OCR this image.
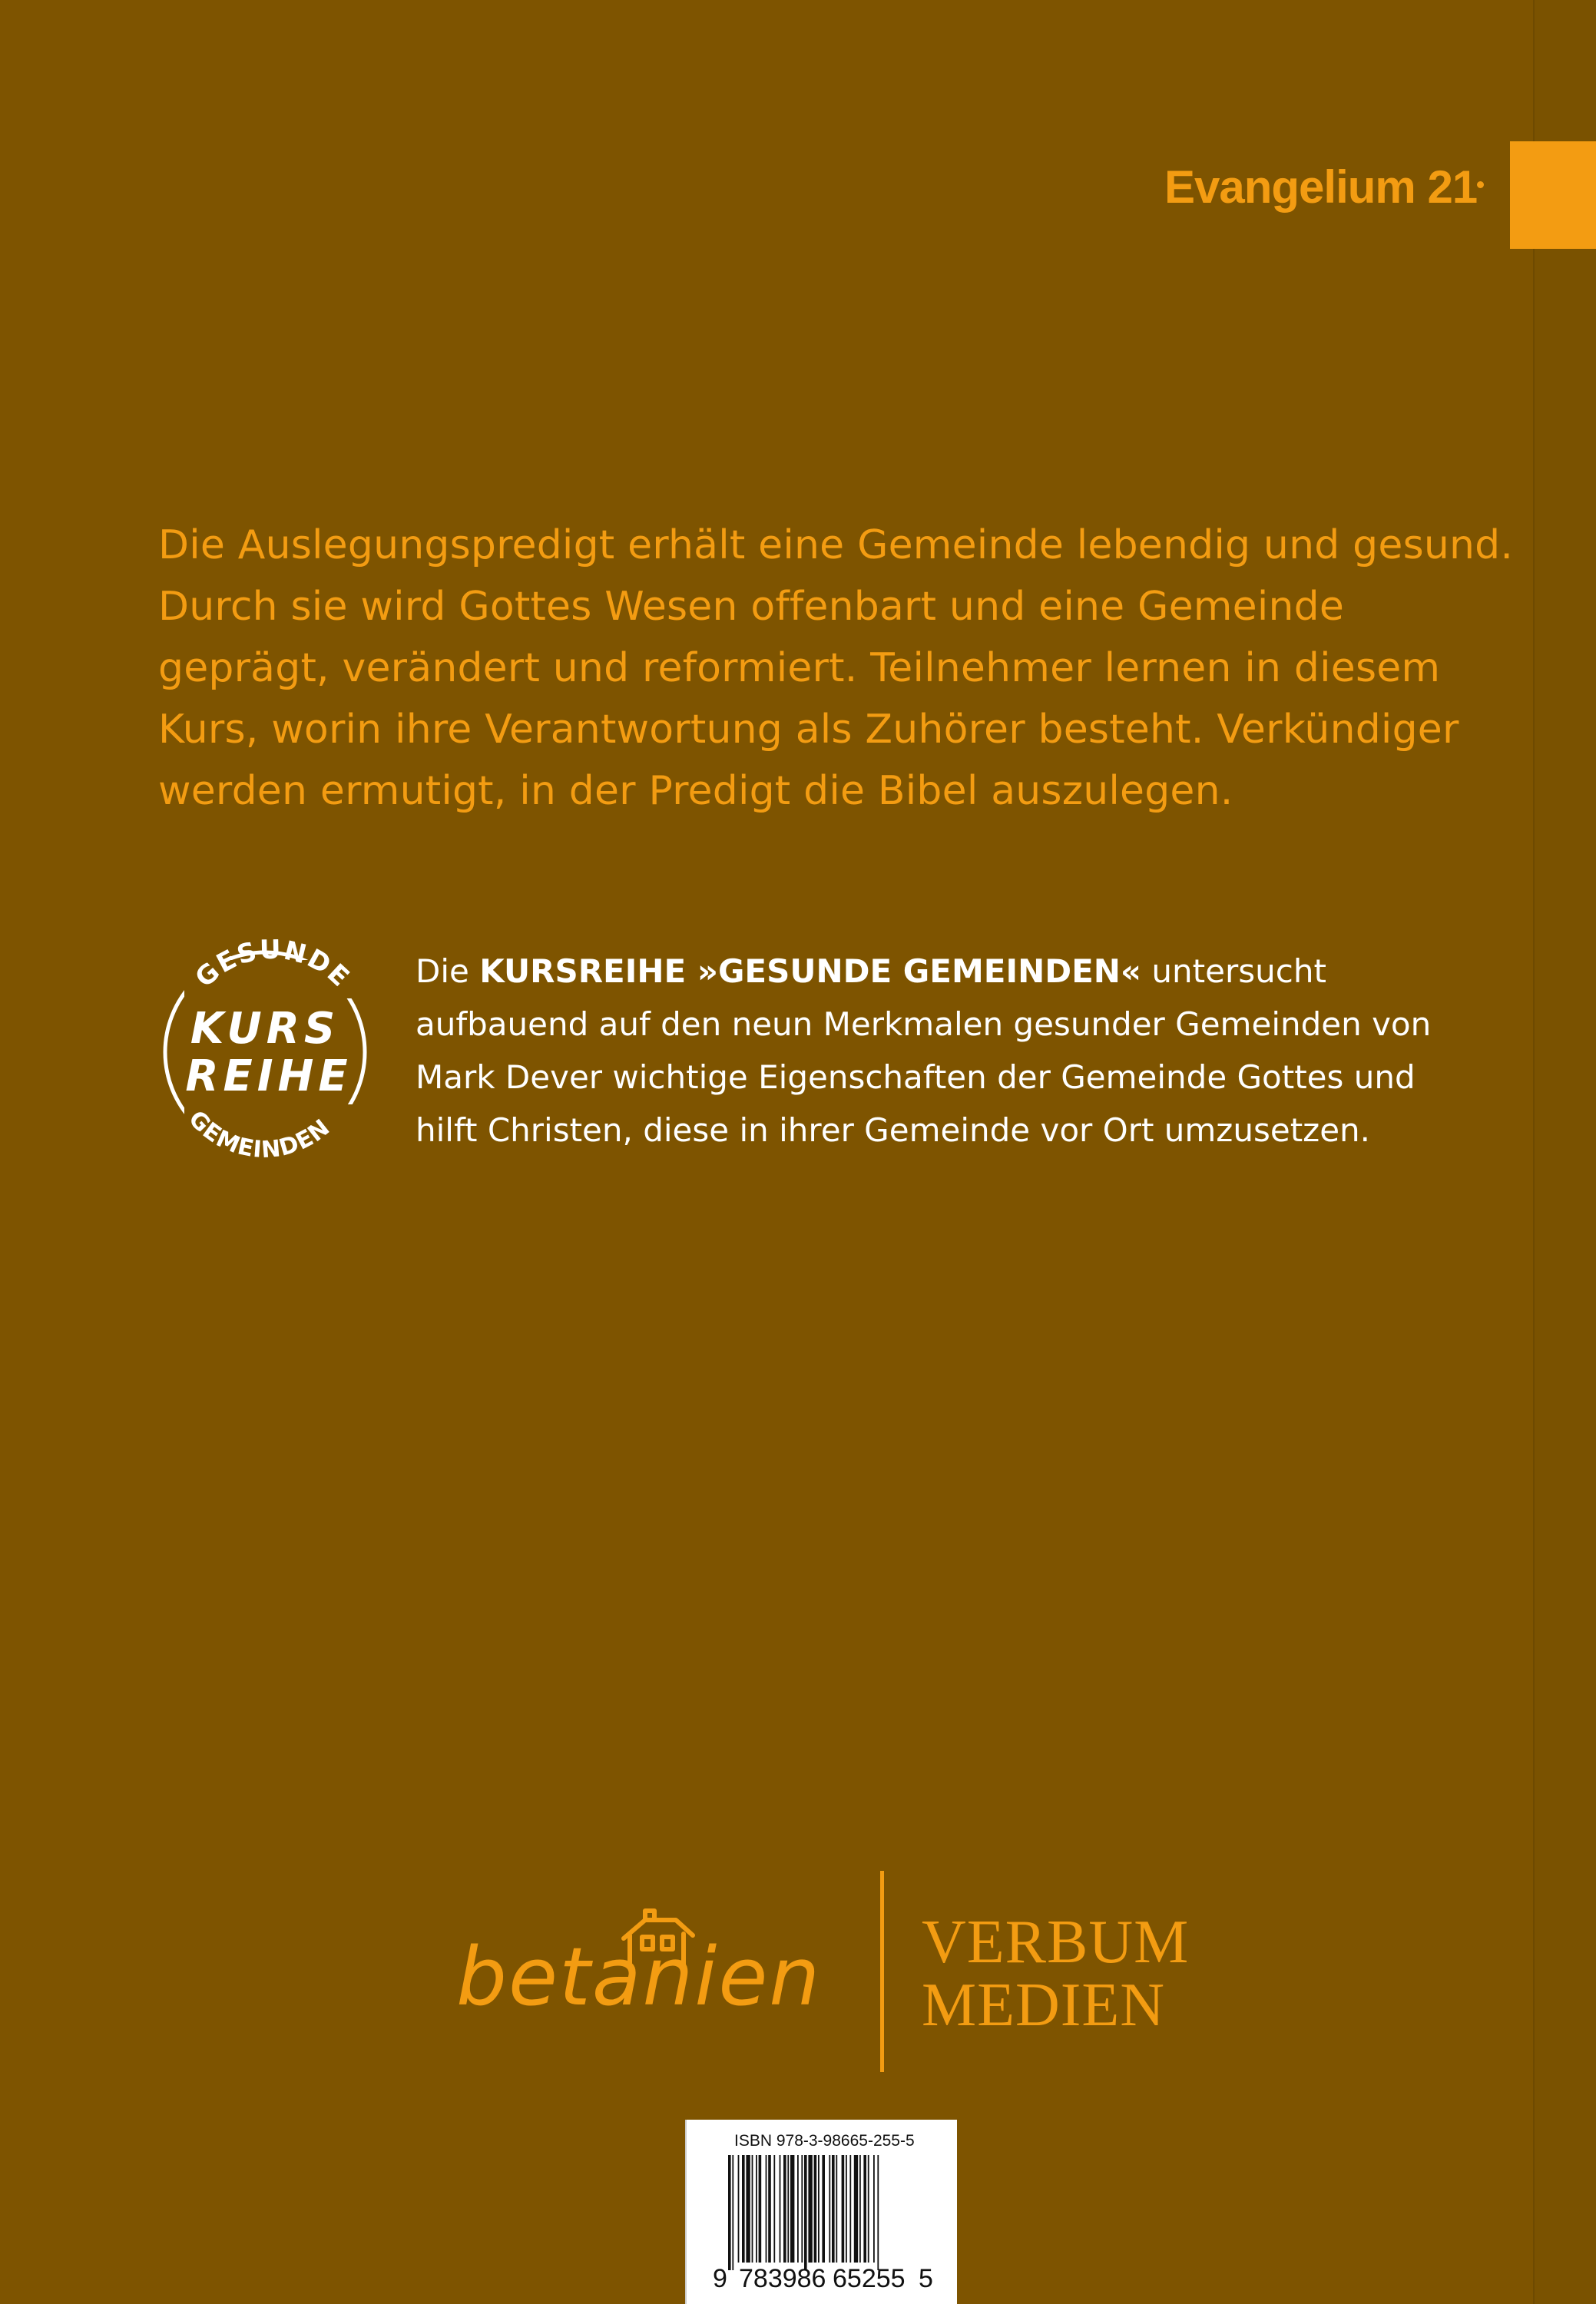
Evangelium 21
Die Auslegungspredigt erhält eine Gemeinde lebendig und gesund.
Durch sie wird Gottes Wesen offenbart und eine Gemeinde
geprägt, verändert und reformiert. Teilnehmer lernen in diesem
Kurs, worin ihre Verantwortung als Zuhörer besteht. Verkündiger
werden ermutigt, in der Predigt die Bibel auszulegen.
GESUNDE
KURS
REIHE
GEMEINDEN
Die KURSREIHE »GESUNDE GEMEINDEN« untersucht
aufbauend auf den neun Merkmalen gesunder Gemeinden von
Mark Dever wichtige Eigenschaften der Gemeinde Gottes und
hilft Christen, diese in ihrer Gemeinde vor Ort umzusetzen.
betanien VERBUM
MEDIEN
ISBN 978-3-98665-255-5
9 783986 65255 5
